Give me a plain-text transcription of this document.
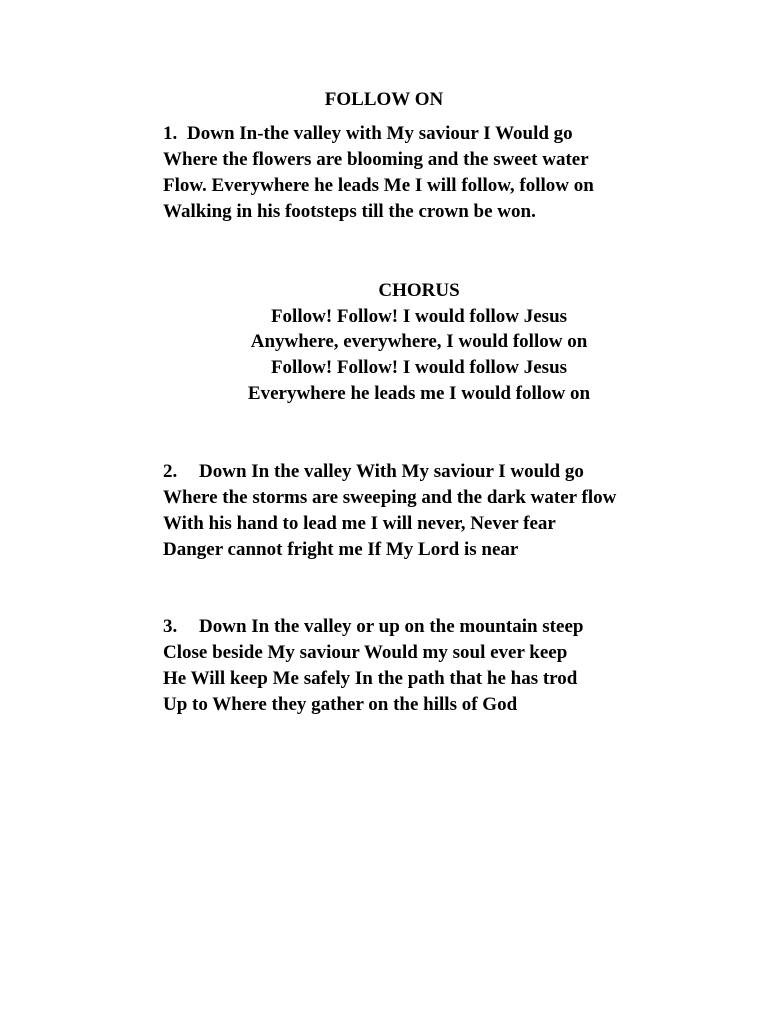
FOLLOW ON
1. Down In-the valley with My saviour I Would go
Where the flowers are blooming and the sweet water
Flow. Everywhere he leads Me I will follow, follow on
Walking in his footsteps till the crown be won.
CHORUS
Follow! Follow! I would follow Jesus
Anywhere, everywhere, I would follow on
Follow! Follow! I would follow Jesus
Everywhere he leads me I would follow on
2. Down In the valley With My saviour I would go
Where the storms are sweeping and the dark water flow
With his hand to lead me I will never, Never fear
Danger cannot fright me If My Lord is near
3. Down In the valley or up on the mountain steep
Close beside My saviour Would my soul ever keep
He Will keep Me safely In the path that he has trod
Up to Where they gather on the hills of God
